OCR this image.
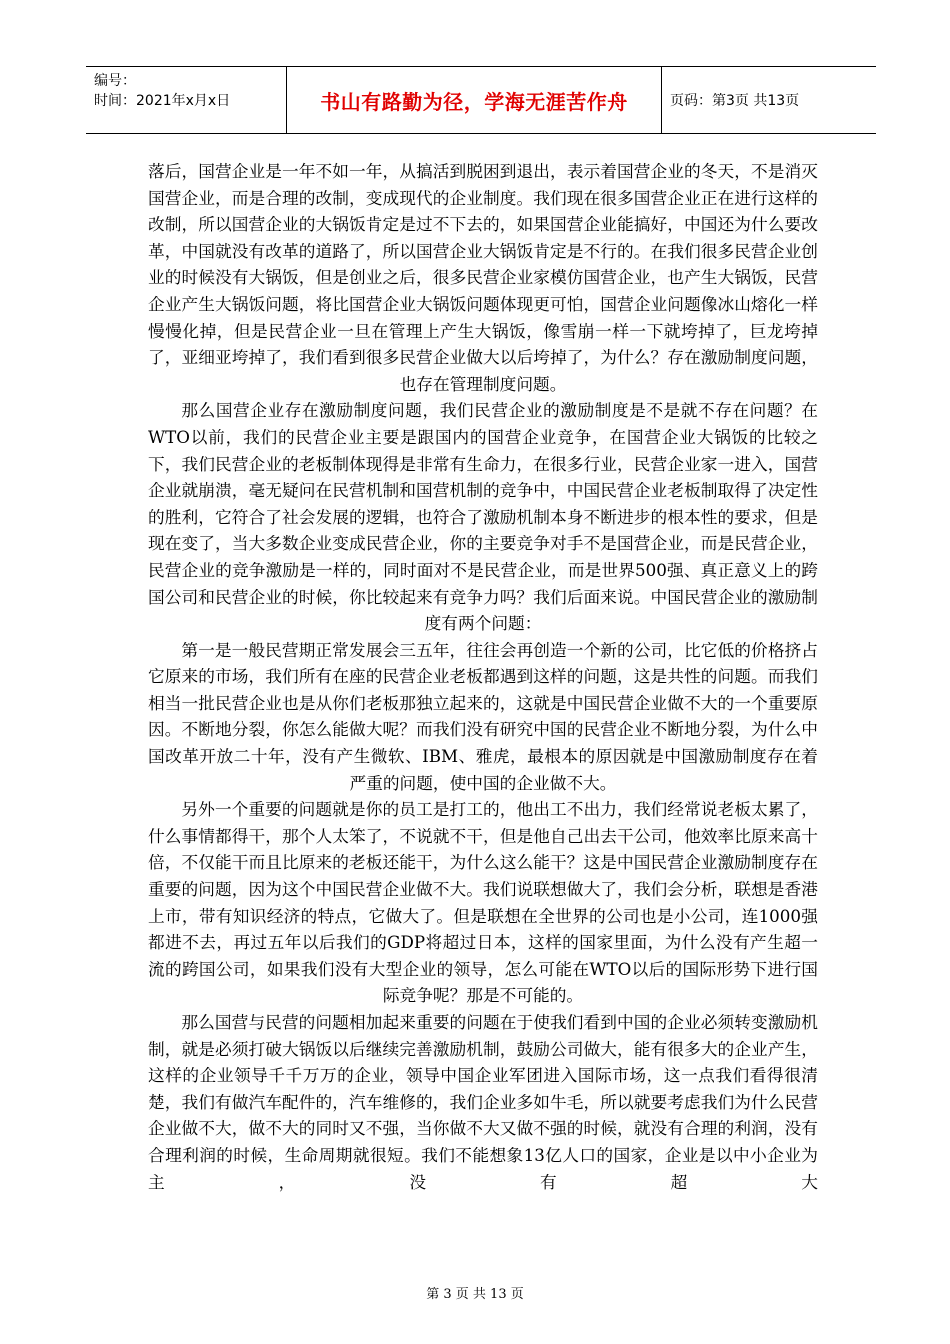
编号：
时间：2021年x月x日	书山有路勤为径，学海无涯苦作舟	页码：第3页 共13页

落后，国营企业是一年不如一年，从搞活到脱困到退出，表示着国营企业的冬天，不是消灭国营企业，而是合理的改制，变成现代的企业制度。我们现在很多国营企业正在进行这样的改制，所以国营企业的大锅饭肯定是过不下去的，如果国营企业能搞好，中国还为什么要改革，中国就没有改革的道路了，所以国营企业大锅饭肯定是不行的。在我们很多民营企业创业的时候没有大锅饭，但是创业之后，很多民营企业家模仿国营企业，也产生大锅饭，民营企业产生大锅饭问题，将比国营企业大锅饭问题体现更可怕，国营企业问题像冰山熔化一样慢慢化掉，但是民营企业一旦在管理上产生大锅饭，像雪崩一样一下就垮掉了，巨龙垮掉了，亚细亚垮掉了，我们看到很多民营企业做大以后垮掉了，为什么？存在激励制度问题，也存在管理制度问题。

那么国营企业存在激励制度问题，我们民营企业的激励制度是不是就不存在问题？在WTO以前，我们的民营企业主要是跟国内的国营企业竞争，在国营企业大锅饭的比较之下，我们民营企业的老板制体现得是非常有生命力，在很多行业，民营企业家一进入，国营企业就崩溃，毫无疑问在民营机制和国营机制的竞争中，中国民营企业老板制取得了决定性的胜利，它符合了社会发展的逻辑，也符合了激励机制本身不断进步的根本性的要求，但是现在变了，当大多数企业变成民营企业，你的主要竞争对手不是国营企业，而是民营企业，民营企业的竞争激励是一样的，同时面对不是民营企业，而是世界500强、真正意义上的跨国公司和民营企业的时候，你比较起来有竞争力吗？我们后面来说。中国民营企业的激励制度有两个问题：

第一是一般民营期正常发展会三五年，往往会再创造一个新的公司，比它低的价格挤占它原来的市场，我们所有在座的民营企业老板都遇到这样的问题，这是共性的问题。而我们相当一批民营企业也是从你们老板那独立起来的，这就是中国民营企业做不大的一个重要原因。不断地分裂，你怎么能做大呢？而我们没有研究中国的民营企业不断地分裂，为什么中国改革开放二十年，没有产生微软、IBM、雅虎，最根本的原因就是中国激励制度存在着严重的问题，使中国的企业做不大。

另外一个重要的问题就是你的员工是打工的，他出工不出力，我们经常说老板太累了，什么事情都得干，那个人太笨了，不说就不干，但是他自己出去干公司，他效率比原来高十倍，不仅能干而且比原来的老板还能干，为什么这么能干？这是中国民营企业激励制度存在重要的问题，因为这个中国民营企业做不大。我们说联想做大了，我们会分析，联想是香港上市，带有知识经济的特点，它做大了。但是联想在全世界的公司也是小公司，连1000强都进不去，再过五年以后我们的GDP将超过日本，这样的国家里面，为什么没有产生超一流的跨国公司，如果我们没有大型企业的领导，怎么可能在WTO以后的国际形势下进行国际竞争呢？那是不可能的。

那么国营与民营的问题相加起来重要的问题在于使我们看到中国的企业必须转变激励机制，就是必须打破大锅饭以后继续完善激励机制，鼓励公司做大，能有很多大的企业产生，这样的企业领导千千万万的企业，领导中国企业军团进入国际市场，这一点我们看得很清楚，我们有做汽车配件的，汽车维修的，我们企业多如牛毛，所以就要考虑我们为什么民营企业做不大，做不大的同时又不强，当你做不大又做不强的时候，就没有合理的利润，没有合理利润的时候，生命周期就很短。我们不能想象13亿人口的国家，企业是以中小企业为主，没有超大

第 3 页 共 13 页
